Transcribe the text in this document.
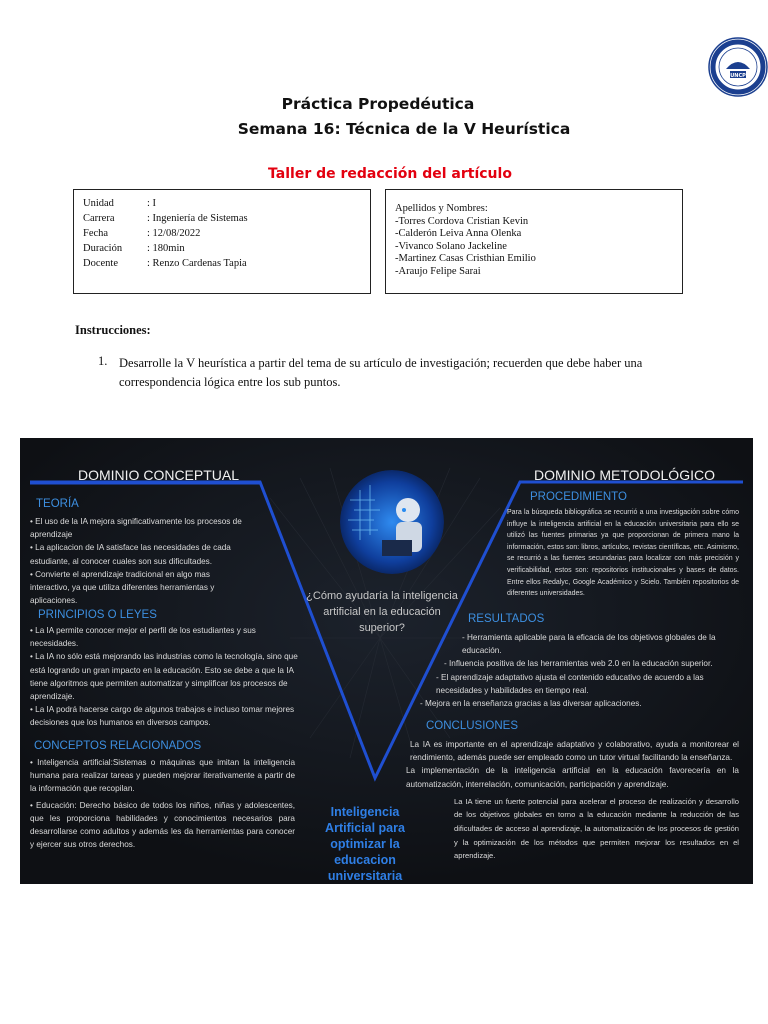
UNCP
Práctica Propedéutica
Semana 16: Técnica de la V Heurística
Taller de redacción del artículo
Unidad	: I
Carrera	: Ingeniería de Sistemas
Fecha	: 12/08/2022
Duración	: 180min
Docente	: Renzo Cardenas Tapia
Apellidos y Nombres:
-Torres Cordova Cristian Kevin
-Calderón Leiva Anna Olenka
-Vivanco Solano Jackeline
-Martinez Casas Cristhian Emilio
-Araujo Felipe Sarai
Instrucciones:
1. Desarrolle la V heurística a partir del tema de su artículo de investigación; recuerden que debe haber una correspondencia lógica entre los sub puntos.
DOMINIO CONCEPTUAL	DOMINIO METODOLÓGICO
¿Cómo ayudaría la inteligencia artificial en la educación superior?
Inteligencia Artificial para optimizar la educacion universitaria
TEORÍA

• El uso de la IA mejora significativamente los procesos de aprendizaje

• La aplicacion de IA satisface las necesidades de cada estudiante, al conocer cuales son sus dificultades.

• Convierte el aprendizaje tradicional en algo mas interactivo, ya que utiliza diferentes herramientas y aplicaciones.

PRINCIPIOS O LEYES

• La IA permite conocer mejor el perfil de los estudiantes y sus necesidades.

• La IA no sólo está mejorando las industrias como la tecnología, sino que está logrando un gran impacto en la educación. Esto se debe a que la IA tiene algoritmos que permiten automatizar y simplificar los procesos de aprendizaje.

• La IA podrá hacerse cargo de algunos trabajos e incluso tomar mejores decisiones que los humanos en diversos campos.

CONCEPTOS RELACIONADOS

• Inteligencia artificial:Sistemas o máquinas que imitan la inteligencia humana para realizar tareas y pueden mejorar iterativamente a partir de la información que recopilan.

• Educación: Derecho básico de todos los niños, niñas y adolescentes, que les proporciona habilidades y conocimientos necesarios para desarrollarse como adultos y además les da herramientas para conocer y ejercer sus otros derechos.

PROCEDIMIENTO
Para la búsqueda bibliográfica se recurrió a una investigación sobre cómo influye la inteligencia artificial en la educación universitaria para ello se utilizó las fuentes primarias ya que proporcionan de primera mano la información, estos son: libros, artículos, revistas científicas, etc. Asimismo, se recurrió a las fuentes secundarias para localizar con más precisión y verificabilidad, estos son: repositorios institucionales y bases de datos. Entre ellos Redalyc, Google Académico y Scielo. También repositorios de diferentes universidades.
RESULTADOS

- Herramienta aplicable para la eficacia de los objetivos globales de la educación.

- Influencia positiva de las herramientas web 2.0 en la educación superior.

- El aprendizaje adaptativo ajusta el contenido educativo de acuerdo a las necesidades y habilidades en tiempo real.

- Mejora en la enseñanza gracias a las diversar aplicaciones.

CONCLUSIONES

La IA es importante en el aprendizaje adaptativo y colaborativo, ayuda a monitorear el rendimiento, además puede ser empleado como un tutor virtual facilitando la enseñanza.

La implementación de la inteligencia artificial en la educación favorecería en la automatización, interrelación, comunicación, participación y aprendizaje.

La IA tiene un fuerte potencial para acelerar el proceso de realización y desarrollo de los objetivos globales en torno a la educación mediante la reducción de las dificultades de acceso al aprendizaje, la automatización de los procesos de gestión y la optimización de los métodos que permiten mejorar los resultados en el aprendizaje.
